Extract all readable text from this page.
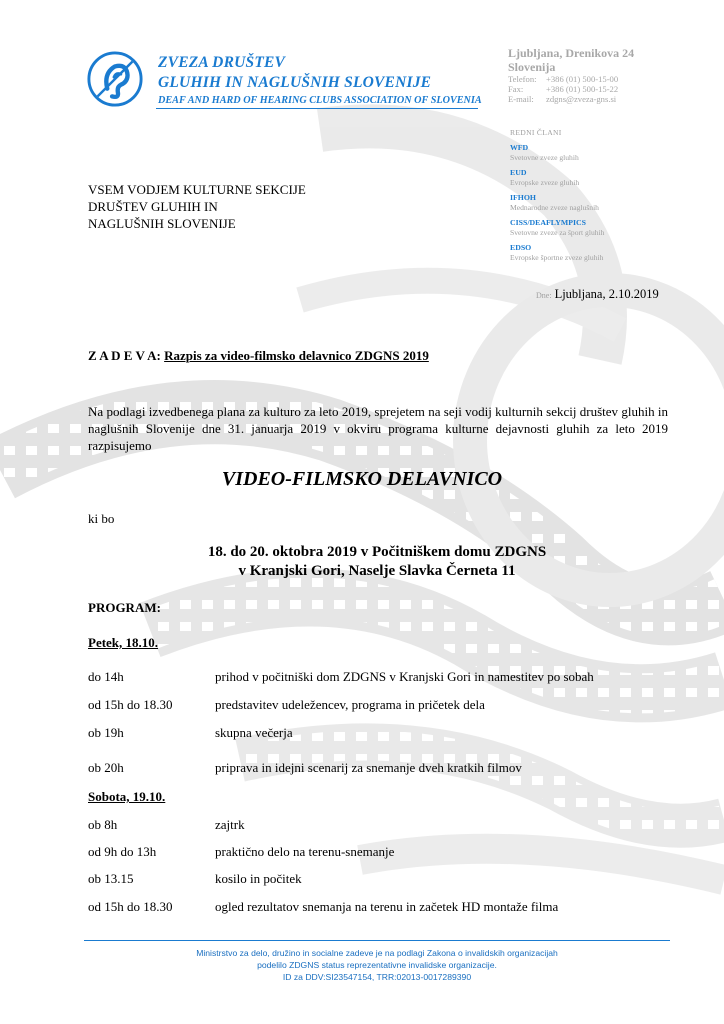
ZVEZA DRUŠTEV
GLUHIH IN NAGLUŠNIH SLOVENIJE
DEAF AND HARD OF HEARING CLUBS ASSOCIATION OF SLOVENIA
Ljubljana, Drenikova 24
Slovenija
Telefon: +386 (01) 500-15-00
Fax:	+386 (01) 500-15-22
E-mail: zdgns@zveza-gns.si
REDNI ČLANI
WFD
Svetovne zveze gluhih
EUD
Evropske zveze gluhih
IFHOH
Mednarodne zveze naglušnih
CISS/DEAFLYMPICS
Svetovne zveze za šport gluhih
EDSO
Evropske športne zveze gluhih
VSEM VODJEM KULTURNE SEKCIJE
DRUŠTEV GLUHIH IN
NAGLUŠNIH SLOVENIJE
Dne: Ljubljana, 2.10.2019
Z A D E V A: Razpis za video-filmsko delavnico ZDGNS 2019
Na podlagi izvedbenega plana za kulturo za leto 2019, sprejetem na seji vodij kulturnih sekcij društev gluhih in naglušnih Slovenije dne 31. januarja 2019 v okviru programa kulturne dejavnosti gluhih za leto 2019 razpisujemo
VIDEO-FILMSKO DELAVNICO
ki bo
18. do 20. oktobra 2019 v Počitniškem domu ZDGNS
v Kranjski Gori, Naselje Slavka Černeta 11
PROGRAM:
Petek, 18.10.
do 14h	prihod v počitniški dom ZDGNS v Kranjski Gori in namestitev po sobah
od 15h do 18.30	predstavitev udeležencev, programa in pričetek dela
ob 19h	skupna večerja
ob 20h	priprava in idejni scenarij za snemanje dveh kratkih filmov
Sobota, 19.10.
ob 8h	zajtrk
od 9h do 13h	praktično delo na terenu-snemanje
ob 13.15	kosilo in počitek
od 15h do 18.30	ogled rezultatov snemanja na terenu in začetek HD montaže filma
Ministrstvo za delo, družino in socialne zadeve je na podlagi Zakona o invalidskih organizacijah
podelilo ZDGNS status reprezentativne invalidske organizacije.
ID za DDV:SI23547154, TRR:02013-0017289390
